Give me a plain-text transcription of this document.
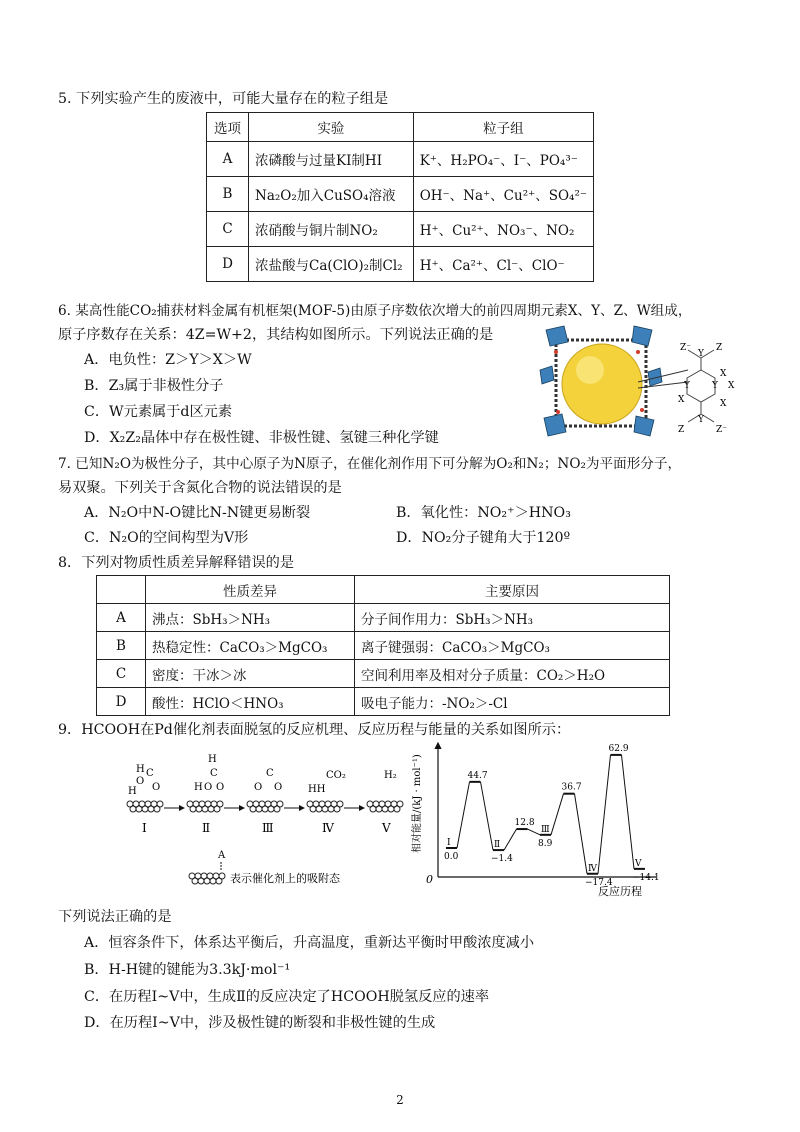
5. 下列实验产生的废液中，可能大量存在的粒子组是
选项	实验	粒子组
A	浓磷酸与过量KI制HI	K⁺、H₂PO₄⁻、I⁻、PO₄³⁻
B	Na₂O₂加入CuSO₄溶液	OH⁻、Na⁺、Cu²⁺、SO₄²⁻
C	浓硝酸与铜片制NO₂	H⁺、Cu²⁺、NO₃⁻、NO₂
D	浓盐酸与Ca(ClO)₂制Cl₂	H⁺、Ca²⁺、Cl⁻、ClO⁻
6. 某高性能CO₂捕获材料金属有机框架(MOF-5)由原子序数依次增大的前四周期元素X、Y、Z、W组成，
原子序数存在关系：4Z=W+2，其结构如图所示。下列说法正确的是
A．电负性：Z＞Y＞X＞W
B．Z₃属于非极性分子
C．W元素属于d区元素
D．X₂Z₂晶体中存在极性键、非极性键、氢键三种化学键
Z⁻
Y
Z
X
Y	X
Y
X	X
Z
Y
Z⁻
7. 已知N₂O为极性分子，其中心原子为N原子，在催化剂作用下可分解为O₂和N₂；NO₂为平面形分子，
易双聚。下列关于含氮化合物的说法错误的是
A．N₂O中N-O键比N-N键更易断裂	B．氧化性：NO₂⁺＞HNO₃
C．N₂O的空间构型为V形	D．NO₂分子键角大于120º
8．下列对物质性质差异解释错误的是
	性质差异	主要原因
A	沸点：SbH₃＞NH₃	分子间作用力：SbH₃＞NH₃
B	热稳定性：CaCO₃＞MgCO₃	离子键强弱：CaCO₃＞MgCO₃
C	密度：干冰＞冰	空间利用率及相对分子质量：CO₂＞H₂O
D	酸性：HClO＜HNO₃	吸电子能力：-NO₂＞-Cl
9．HCOOH在Pd催化剂表面脱氢的反应机理、反应历程与能量的关系如图所示：
H
O
C
O
H	H O
C
O
H
O
C
O	HH
CO₂	H₂
Ⅰ	Ⅱ	Ⅲ	Ⅳ	Ⅴ
A
表示催化剂上的吸附态	0
相对能量/(kJ · mol⁻¹)
反应历程
0.0
Ⅰ
44.7
−1.4
Ⅱ
12.8
8.9
Ⅲ
36.7
−17.4
Ⅳ
62.9
−14.1
Ⅴ
下列说法正确的是
A．恒容条件下，体系达平衡后，升高温度，重新达平衡时甲酸浓度减小
B．H-H键的键能为3.3kJ·mol⁻¹
C．在历程Ⅰ~Ⅴ中，生成Ⅱ的反应决定了HCOOH脱氢反应的速率
D．在历程Ⅰ~Ⅴ中，涉及极性键的断裂和非极性键的生成
2
